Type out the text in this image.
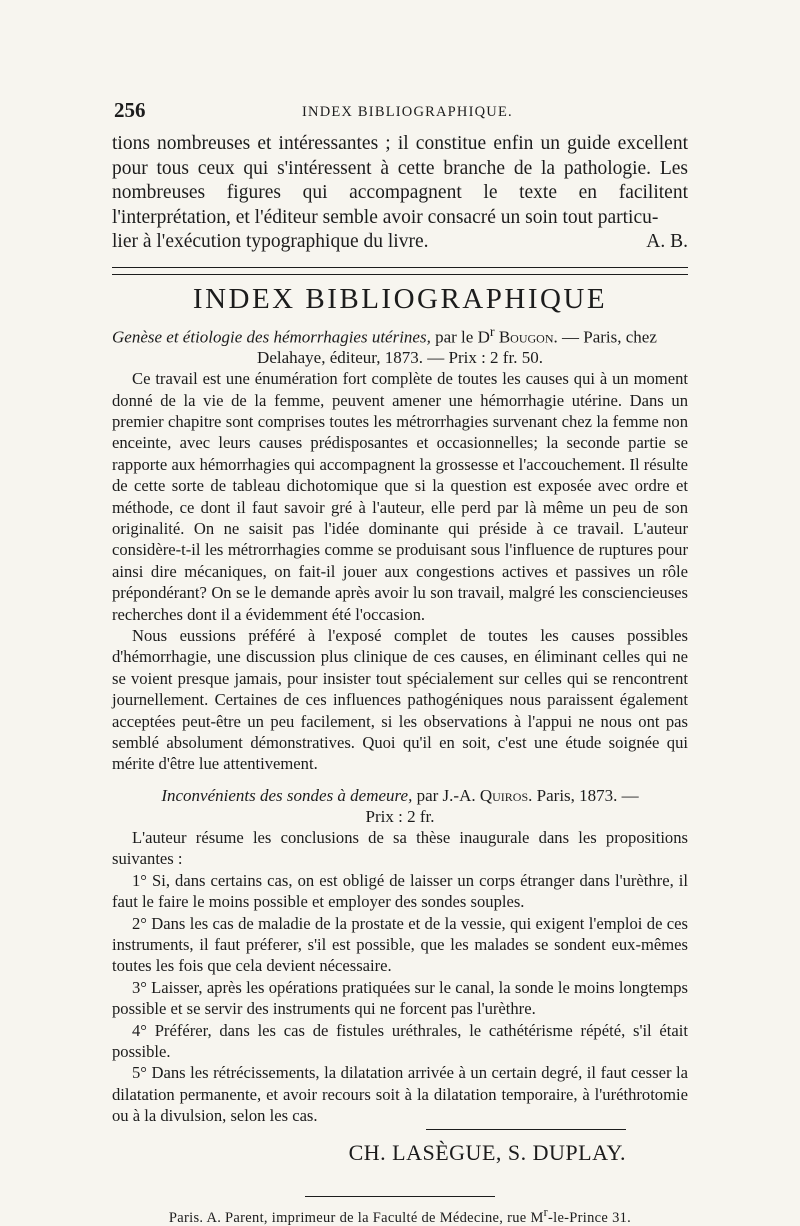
256	INDEX BIBLIOGRAPHIQUE.

tions nombreuses et intéressantes ; il constitue enfin un guide excellent pour tous ceux qui s'intéressent à cette branche de la pathologie. Les nombreuses figures qui accompagnent le texte en facilitent l'interprétation, et l'éditeur semble avoir consacré un soin tout particu-

lier à l'exécution typographique du livre.	A. B.
INDEX BIBLIOGRAPHIQUE

Genèse et étiologie des hémorrhagies utérines, par le $D^r$ Bougon. — Paris, chez

Delahaye, éditeur, 1873. — Prix : 2 fr. 50.

Ce travail est une énumération fort complète de toutes les causes qui à un moment donné de la vie de la femme, peuvent amener une hémorrhagie utérine. Dans un premier chapitre sont comprises toutes les métrorrhagies survenant chez la femme non enceinte, avec leurs causes prédisposantes et occasionnelles; la seconde partie se rapporte aux hémorrhagies qui accompagnent la grossesse et l'accouchement. Il résulte de cette sorte de tableau dichotomique que si la question est exposée avec ordre et méthode, ce dont il faut savoir gré à l'auteur, elle perd par là même un peu de son originalité. On ne saisit pas l'idée dominante qui préside à ce travail. L'auteur considère-t-il les métrorrhagies comme se produisant sous l'influence de ruptures pour ainsi dire mécaniques, on fait-il jouer aux congestions actives et passives un rôle prépondérant? On se le demande après avoir lu son travail, malgré les consciencieuses recherches dont il a évidemment été l'occasion.

Nous eussions préféré à l'exposé complet de toutes les causes possibles d'hémorrhagie, une discussion plus clinique de ces causes, en éliminant celles qui ne se voient presque jamais, pour insister tout spécialement sur celles qui se rencontrent journellement. Certaines de ces influences pathogéniques nous paraissent également acceptées peut-être un peu facilement, si les observations à l'appui ne nous ont pas semblé absolument démonstratives. Quoi qu'il en soit, c'est une étude soignée qui mérite d'être lue attentivement.

Inconvénients des sondes à demeure, par J.-A. Quiros. Paris, 1873. —

Prix : 2 fr.

L'auteur résume les conclusions de sa thèse inaugurale dans les propositions suivantes :

1° Si, dans certains cas, on est obligé de laisser un corps étranger dans l'urèthre, il faut le faire le moins possible et employer des sondes souples.

2° Dans les cas de maladie de la prostate et de la vessie, qui exigent l'emploi de ces instruments, il faut préferer, s'il est possible, que les malades se sondent eux-mêmes toutes les fois que cela devient nécessaire.

3° Laisser, après les opérations pratiquées sur le canal, la sonde le moins longtemps possible et se servir des instruments qui ne forcent pas l'urèthre.

4° Préférer, dans les cas de fistules uréthrales, le cathétérisme répété, s'il était possible.

5° Dans les rétrécissements, la dilatation arrivée à un certain degré, il faut cesser la dilatation permanente, et avoir recours soit à la dilatation temporaire, à l'uréthrotomie ou à la divulsion, selon les cas.

CH. LASÈGUE, S. DUPLAY.
Paris. A. Parent, imprimeur de la Faculté de Médecine, rue $M^r-le$-Prince 31.
